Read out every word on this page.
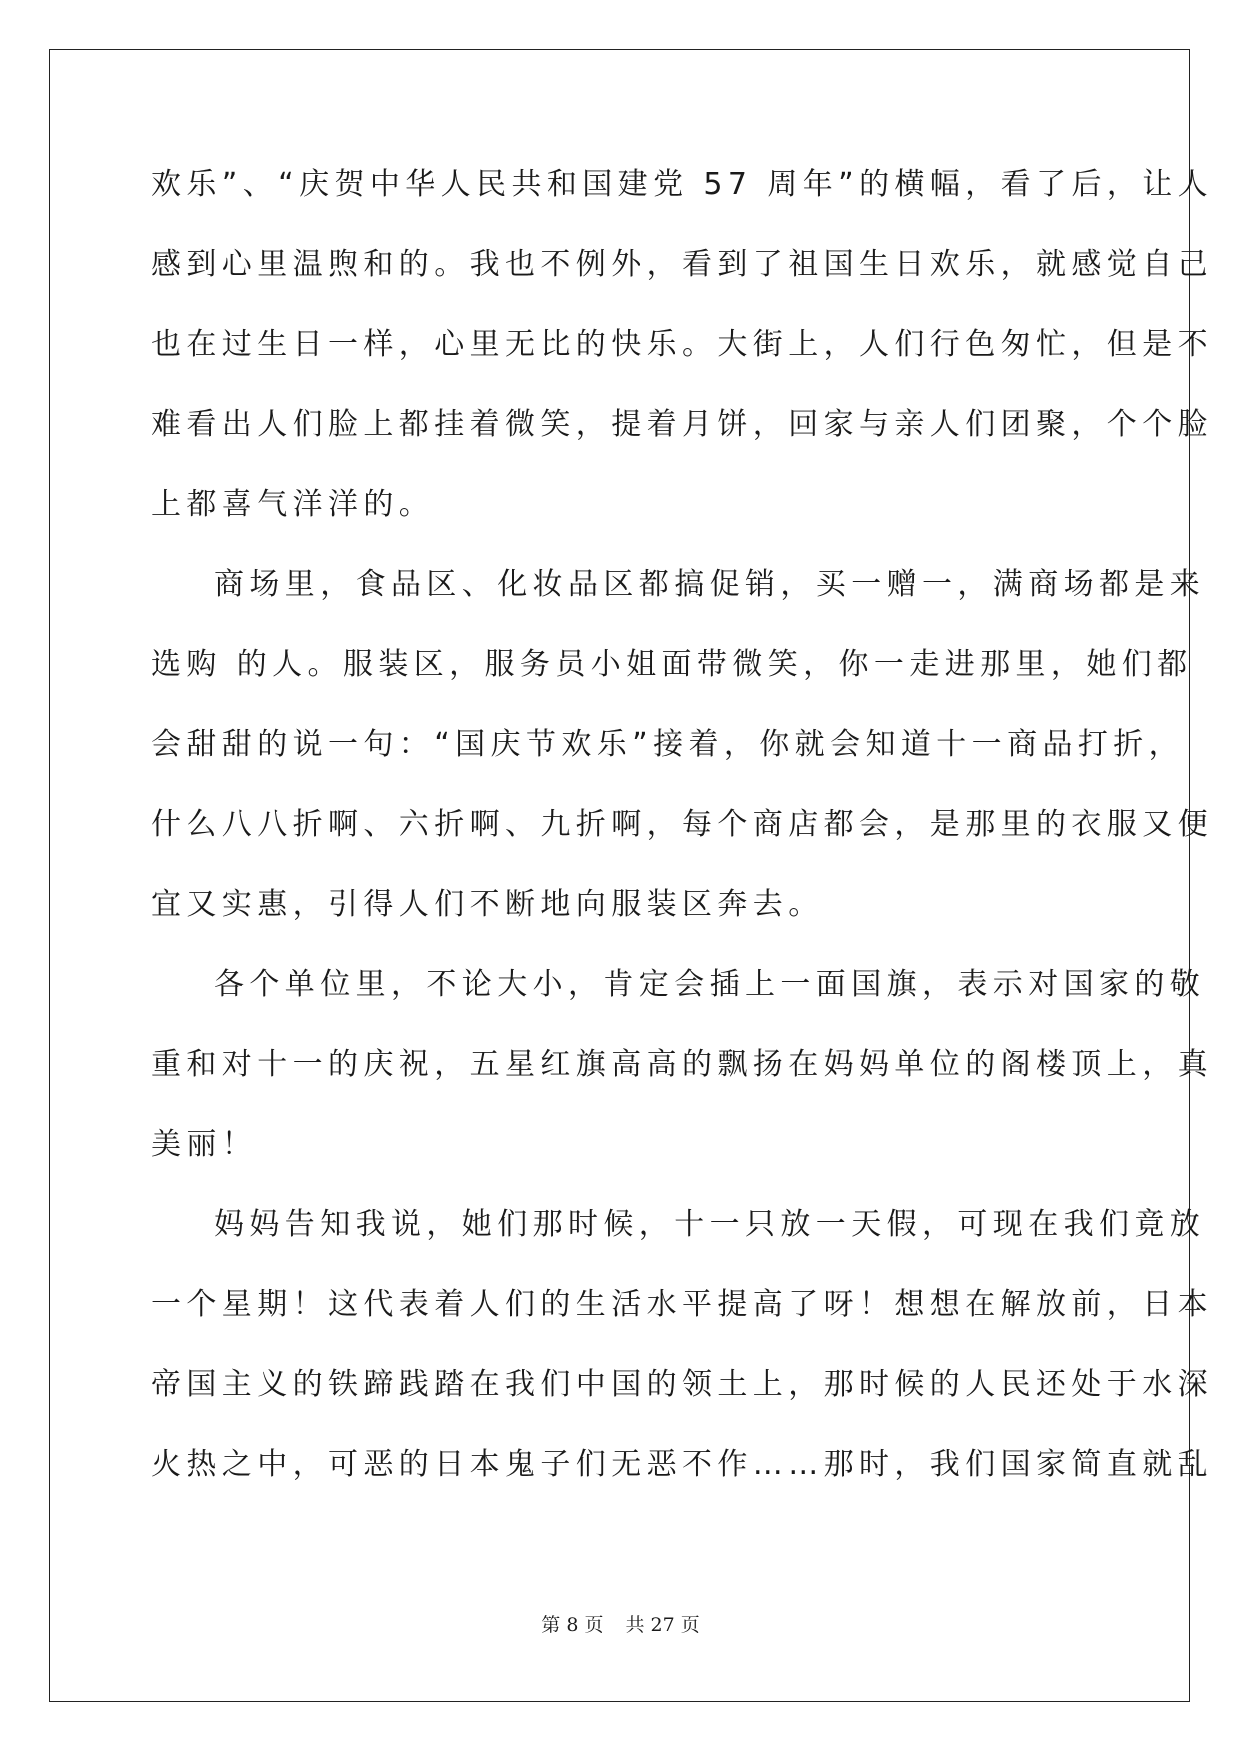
欢乐”、“庆贺中华人民共和国建党 57 周年”的横幅，看了后，让人
感到心里温煦和的。我也不例外，看到了祖国生日欢乐，就感觉自己
也在过生日一样，心里无比的快乐。大街上，人们行色匆忙，但是不
难看出人们脸上都挂着微笑，提着月饼，回家与亲人们团聚，个个脸
上都喜气洋洋的。
商场里，食品区、化妆品区都搞促销，买一赠一，满商场都是来
选购 的人。服装区，服务员小姐面带微笑，你一走进那里，她们都
会甜甜的说一句：“国庆节欢乐”接着，你就会知道十一商品打折，
什么八八折啊、六折啊、九折啊，每个商店都会，是那里的衣服又便
宜又实惠，引得人们不断地向服装区奔去。
各个单位里，不论大小，肯定会插上一面国旗，表示对国家的敬
重和对十一的庆祝，五星红旗高高的飘扬在妈妈单位的阁楼顶上，真
美丽！
妈妈告知我说，她们那时候，十一只放一天假，可现在我们竟放
一个星期！这代表着人们的生活水平提高了呀！想想在解放前，日本
帝国主义的铁蹄践踏在我们中国的领土上，那时候的人民还处于水深
火热之中，可恶的日本鬼子们无恶不作……那时，我们国家简直就乱
第 8 页 共 27 页
